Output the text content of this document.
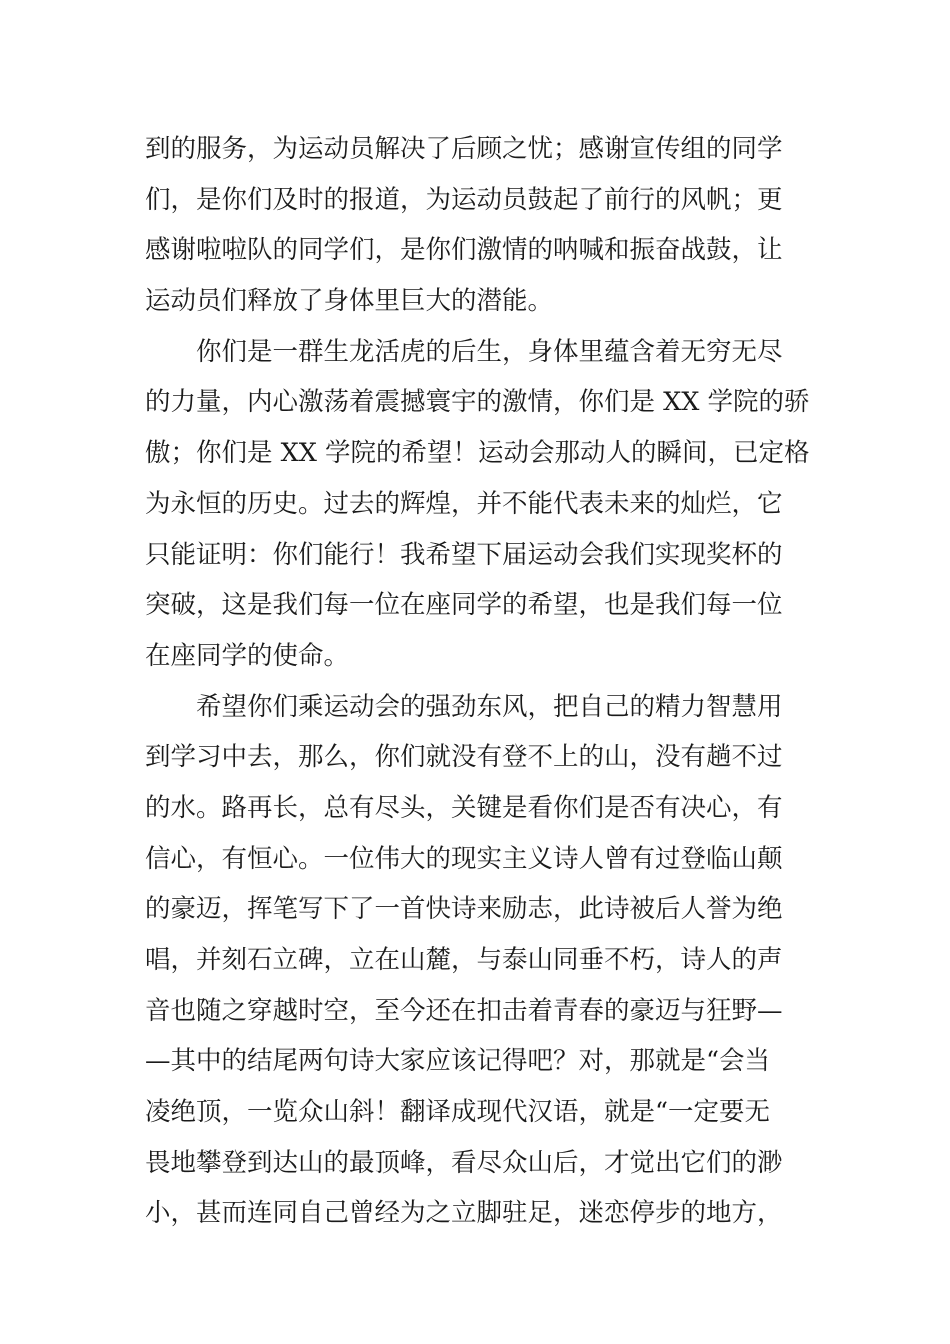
到的服务，为运动员解决了后顾之忧；感谢宣传组的同学
们，是你们及时的报道，为运动员鼓起了前行的风帆；更
感谢啦啦队的同学们，是你们激情的呐喊和振奋战鼓，让
运动员们释放了身体里巨大的潜能。
　　你们是一群生龙活虎的后生，身体里蕴含着无穷无尽
的力量，内心激荡着震撼寰宇的激情，你们是 XX 学院的骄
傲；你们是 XX 学院的希望！运动会那动人的瞬间，已定格
为永恒的历史。过去的辉煌，并不能代表未来的灿烂，它
只能证明：你们能行！我希望下届运动会我们实现奖杯的
突破，这是我们每一位在座同学的希望，也是我们每一位
在座同学的使命。
　　希望你们乘运动会的强劲东风，把自己的精力智慧用
到学习中去，那么，你们就没有登不上的山，没有趟不过
的水。路再长，总有尽头，关键是看你们是否有决心，有
信心，有恒心。一位伟大的现实主义诗人曾有过登临山颠
的豪迈，挥笔写下了一首快诗来励志，此诗被后人誉为绝
唱，并刻石立碑，立在山麓，与泰山同垂不朽，诗人的声
音也随之穿越时空，至今还在扣击着青春的豪迈与狂野—
—其中的结尾两句诗大家应该记得吧？对，那就是“会当
凌绝顶，一览众山斜！翻译成现代汉语，就是“一定要无
畏地攀登到达山的最顶峰，看尽众山后，才觉出它们的渺
小，甚而连同自己曾经为之立脚驻足，迷恋停步的地方，
